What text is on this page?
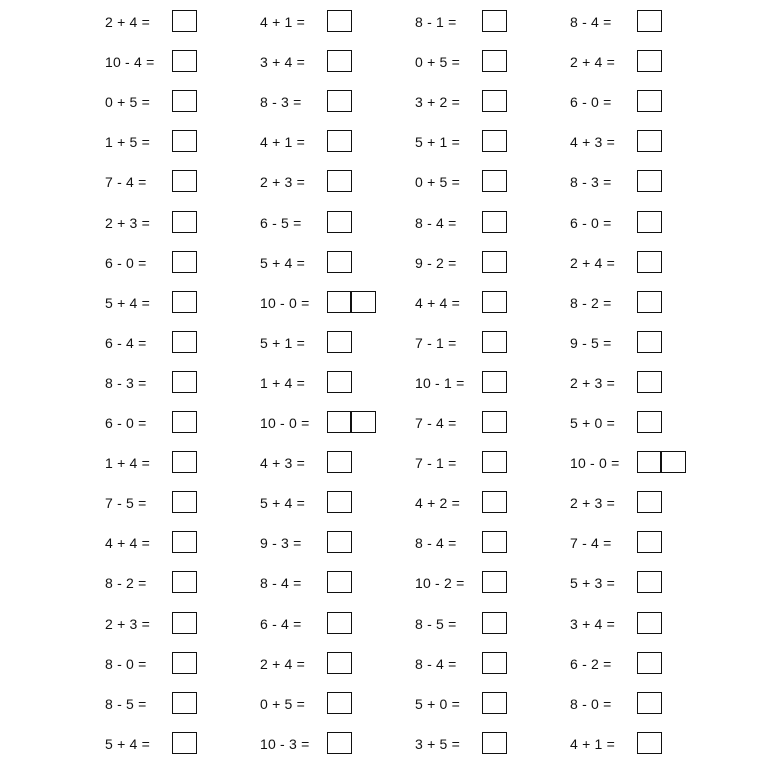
2 + 4 =
10 - 4 =
0 + 5 =
1 + 5 =
7 - 4 =
2 + 3 =
6 - 0 =
5 + 4 =
6 - 4 =
8 - 3 =
6 - 0 =
1 + 4 =
7 - 5 =
4 + 4 =
8 - 2 =
2 + 3 =
8 - 0 =
8 - 5 =
5 + 4 =
4 + 1 =
3 + 4 =
8 - 3 =
4 + 1 =
2 + 3 =
6 - 5 =
5 + 4 =
10 - 0 =
5 + 1 =
1 + 4 =
10 - 0 =
4 + 3 =
5 + 4 =
9 - 3 =
8 - 4 =
6 - 4 =
2 + 4 =
0 + 5 =
10 - 3 =
8 - 1 =
0 + 5 =
3 + 2 =
5 + 1 =
0 + 5 =
8 - 4 =
9 - 2 =
4 + 4 =
7 - 1 =
10 - 1 =
7 - 4 =
7 - 1 =
4 + 2 =
8 - 4 =
10 - 2 =
8 - 5 =
8 - 4 =
5 + 0 =
3 + 5 =
8 - 4 =
2 + 4 =
6 - 0 =
4 + 3 =
8 - 3 =
6 - 0 =
2 + 4 =
8 - 2 =
9 - 5 =
2 + 3 =
5 + 0 =
10 - 0 =
2 + 3 =
7 - 4 =
5 + 3 =
3 + 4 =
6 - 2 =
8 - 0 =
4 + 1 =
